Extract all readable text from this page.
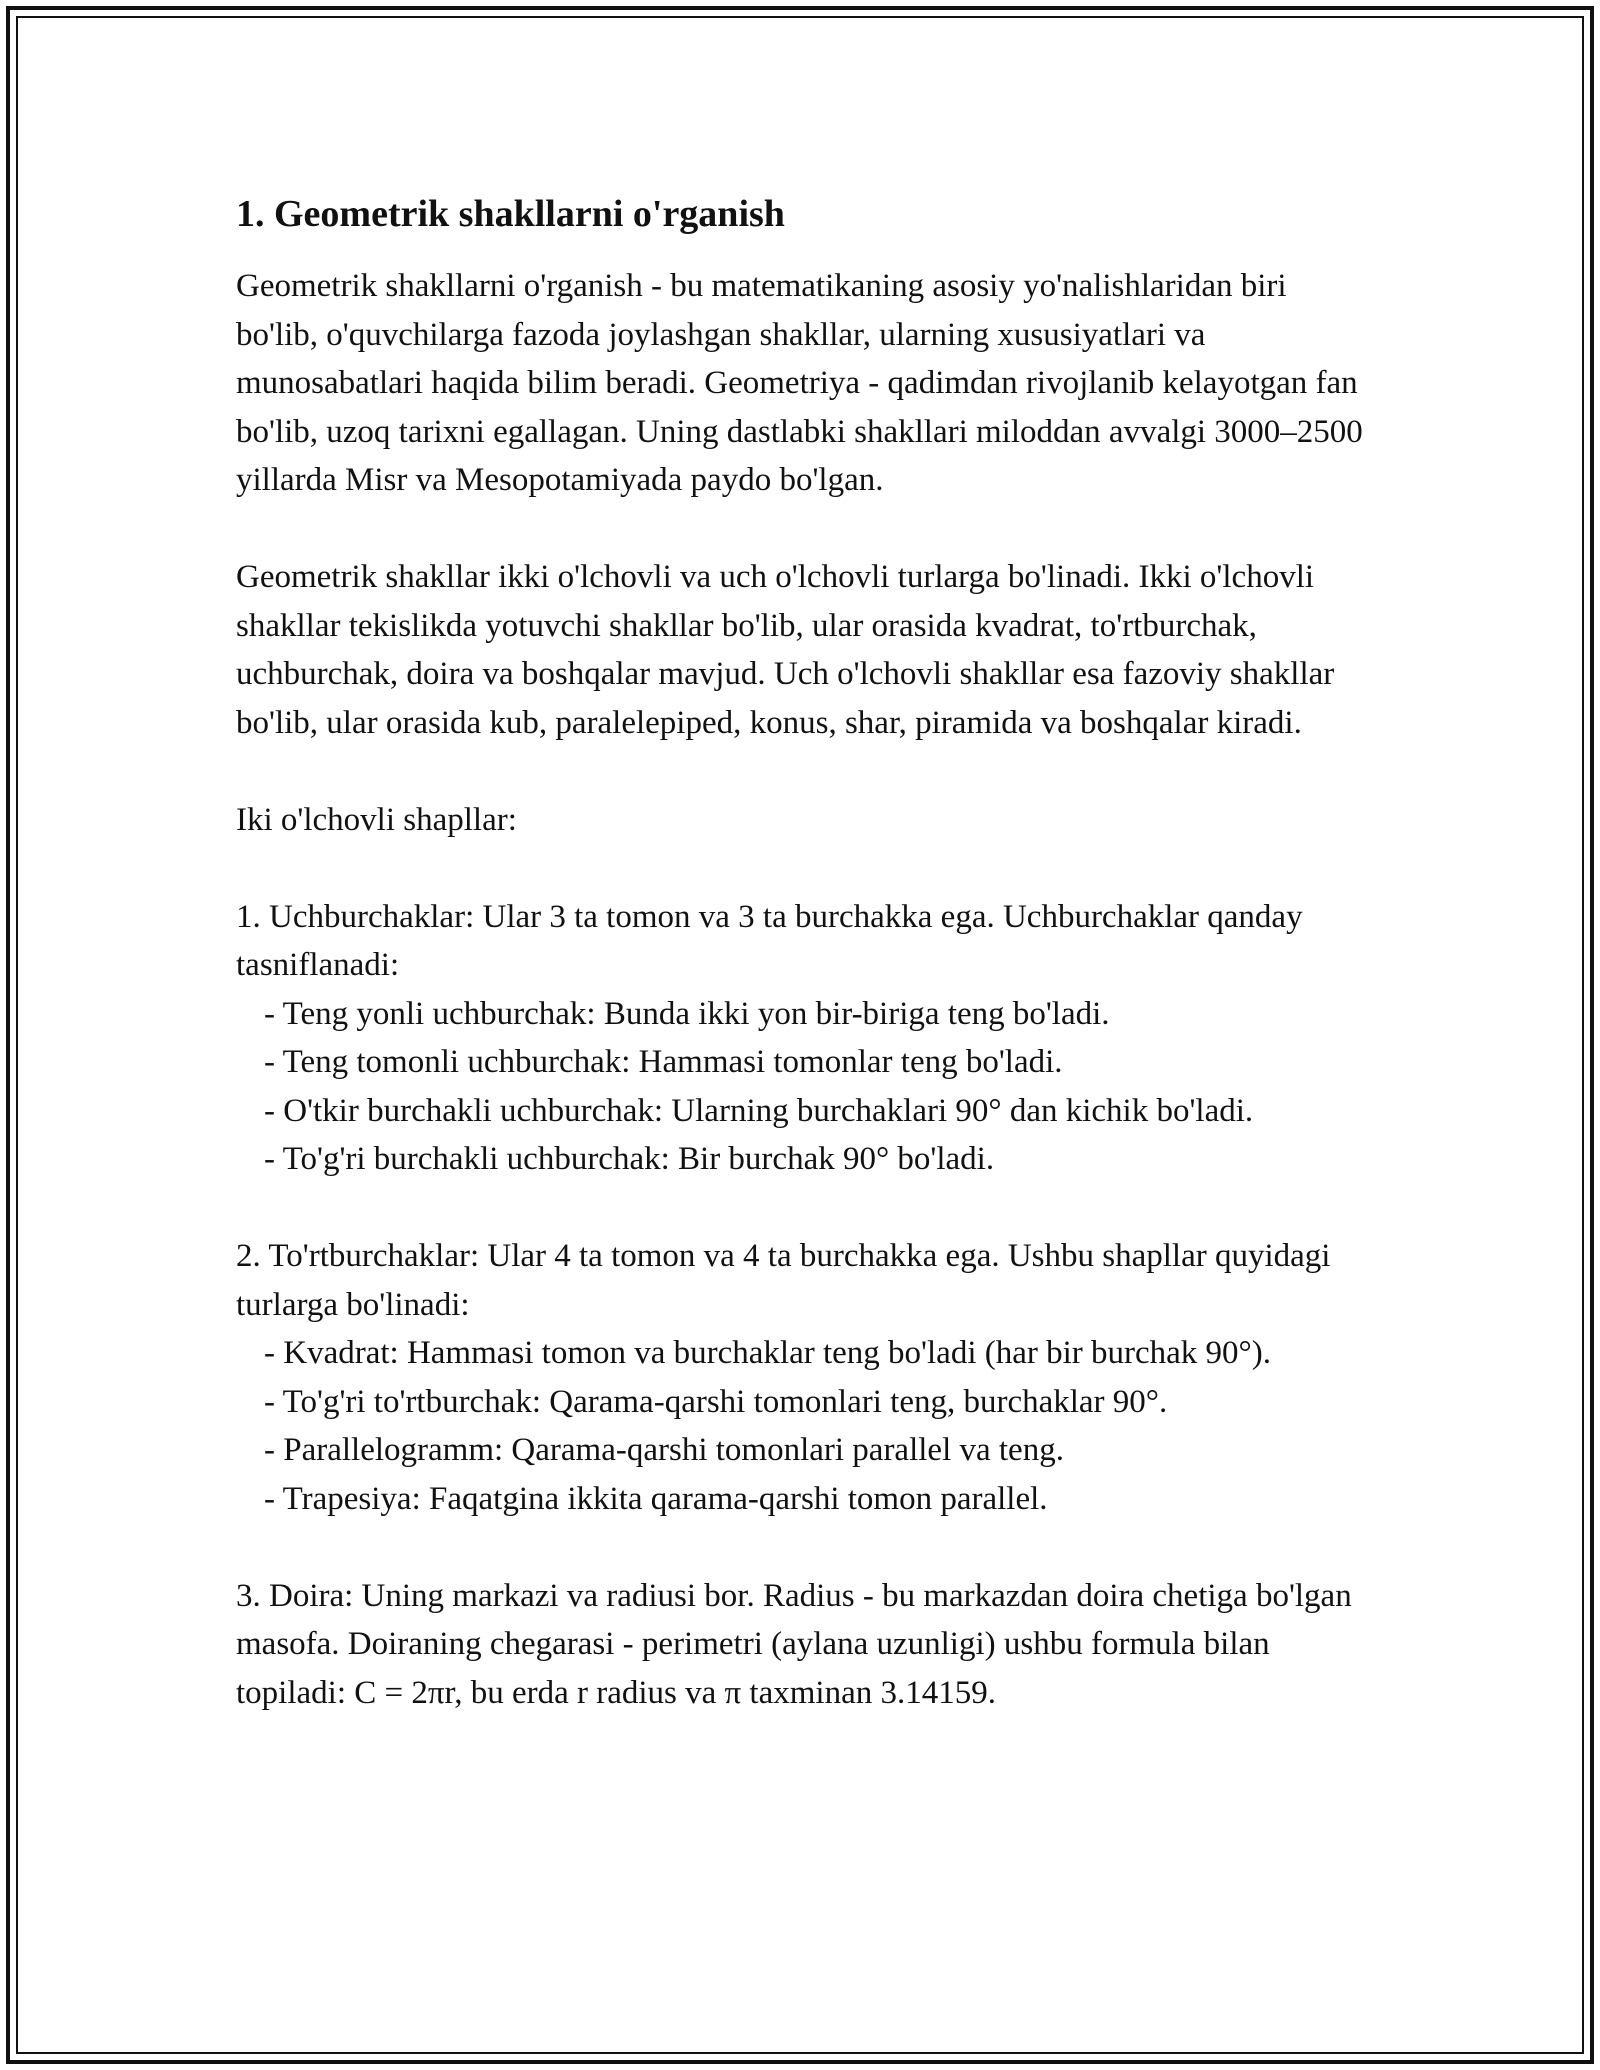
1. Geometrik shakllarni o'rganish

Geometrik shakllarni o'rganish - bu matematikaning asosiy yo'nalishlaridan biri bo'lib, o'quvchilarga fazoda joylashgan shakllar, ularning xususiyatlari va munosabatlari haqida bilim beradi. Geometriya - qadimdan rivojlanib kelayotgan fan bo'lib, uzoq tarixni egallagan. Uning dastlabki shakllari miloddan avvalgi 3000–2500 yillarda Misr va Mesopotamiyada paydo bo'lgan.

Geometrik shakllar ikki o'lchovli va uch o'lchovli turlarga bo'linadi. Ikki o'lchovli shakllar tekislikda yotuvchi shakllar bo'lib, ular orasida kvadrat, to'rtburchak, uchburchak, doira va boshqalar mavjud. Uch o'lchovli shakllar esa fazoviy shakllar bo'lib, ular orasida kub, paralelepiped, konus, shar, piramida va boshqalar kiradi.

Iki o'lchovli shapllar:

1. Uchburchaklar: Ular 3 ta tomon va 3 ta burchakka ega. Uchburchaklar qanday tasniflanadi:
- Teng yonli uchburchak: Bunda ikki yon bir-biriga teng bo'ladi.
- Teng tomonli uchburchak: Hammasi tomonlar teng bo'ladi.
- O'tkir burchakli uchburchak: Ularning burchaklari 90° dan kichik bo'ladi.
- To'g'ri burchakli uchburchak: Bir burchak 90° bo'ladi.
2. To'rtburchaklar: Ular 4 ta tomon va 4 ta burchakka ega. Ushbu shapllar quyidagi turlarga bo'linadi:
- Kvadrat: Hammasi tomon va burchaklar teng bo'ladi (har bir burchak 90°).
- To'g'ri to'rtburchak: Qarama-qarshi tomonlari teng, burchaklar 90°.
- Parallelogramm: Qarama-qarshi tomonlari parallel va teng.
- Trapesiya: Faqatgina ikkita qarama-qarshi tomon parallel.
3. Doira: Uning markazi va radiusi bor. Radius - bu markazdan doira chetiga bo'lgan masofa. Doiraning chegarasi - perimetri (aylana uzunligi) ushbu formula bilan topiladi: C = 2πr, bu erda r radius va π taxminan 3.14159.
